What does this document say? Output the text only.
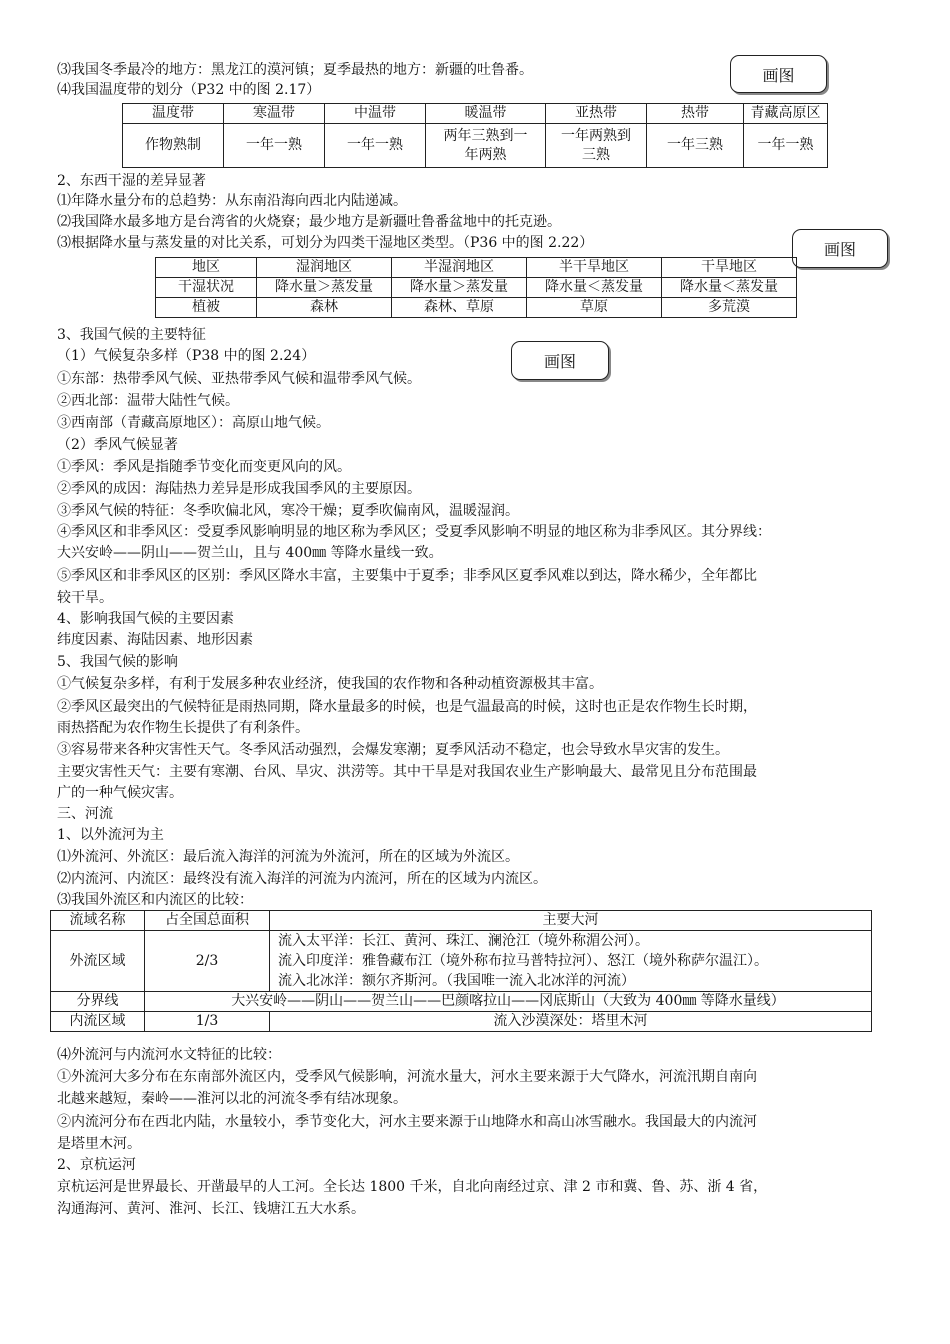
⑶我国冬季最冷的地方：黑龙江的漠河镇；夏季最热的地方：新疆的吐鲁番。	画图
⑷我国温度带的划分（P32 中的图 2.17）
温度带	寒温带	中温带	暖温带	亚热带	热带	青藏高原区
作物熟制	一年一熟	一年一熟	两年三熟到一年两熟	一年两熟到三熟	一年三熟	一年一熟
2、东西干湿的差异显著
⑴年降水量分布的总趋势：从东南沿海向西北内陆递减。
⑵我国降水最多地方是台湾省的火烧寮；最少地方是新疆吐鲁番盆地中的托克逊。
⑶根据降水量与蒸发量的对比关系，可划分为四类干湿地区类型。（P36 中的图 2.22）	画图
地区	湿润地区	半湿润地区	半干旱地区	干旱地区
干湿状况	降水量＞蒸发量	降水量＞蒸发量	降水量＜蒸发量	降水量＜蒸发量
植被	森林	森林、草原	草原	多荒漠
3、我国气候的主要特征
（1）气候复杂多样（P38 中的图 2.24）	画图
①东部：热带季风气候、亚热带季风气候和温带季风气候。
②西北部：温带大陆性气候。
③西南部（青藏高原地区）：高原山地气候。
（2）季风气候显著
①季风：季风是指随季节变化而变更风向的风。
②季风的成因：海陆热力差异是形成我国季风的主要原因。
③季风气候的特征：冬季吹偏北风，寒冷干燥；夏季吹偏南风，温暖湿润。
④季风区和非季风区：受夏季风影响明显的地区称为季风区；受夏季风影响不明显的地区称为非季风区。其分界线：
大兴安岭——阴山——贺兰山，且与 400㎜ 等降水量线一致。
⑤季风区和非季风区的区别：季风区降水丰富，主要集中于夏季；非季风区夏季风难以到达，降水稀少，全年都比
较干旱。
4、影响我国气候的主要因素
纬度因素、海陆因素、地形因素
5、我国气候的影响
①气候复杂多样，有利于发展多种农业经济，使我国的农作物和各种动植资源极其丰富。
②季风区最突出的气候特征是雨热同期，降水量最多的时候，也是气温最高的时候，这时也正是农作物生长时期，
雨热搭配为农作物生长提供了有利条件。
③容易带来各种灾害性天气。冬季风活动强烈，会爆发寒潮；夏季风活动不稳定，也会导致水旱灾害的发生。
主要灾害性天气：主要有寒潮、台风、旱灾、洪涝等。其中干旱是对我国农业生产影响最大、最常见且分布范围最
广的一种气候灾害。
三、河流
1、以外流河为主
⑴外流河、外流区：最后流入海洋的河流为外流河，所在的区域为外流区。
⑵内流河、内流区：最终没有流入海洋的河流为内流河，所在的区域为内流区。
⑶我国外流区和内流区的比较：
流域名称	占全国总面积	主要大河
外流区域	2/3	流入太平洋：长江、黄河、珠江、澜沧江（境外称湄公河）。
流入印度洋：雅鲁藏布江（境外称布拉马普特拉河）、怒江（境外称萨尔温江）。
流入北冰洋：额尔齐斯河。（我国唯一流入北冰洋的河流）

分界线	大兴安岭——阴山——贺兰山——巴颜喀拉山——冈底斯山（大致为 400㎜ 等降水量线）	
内流区域	1/3	流入沙漠深处：塔里木河
⑷外流河与内流河水文特征的比较：
①外流河大多分布在东南部外流区内，受季风气候影响，河流水量大，河水主要来源于大气降水，河流汛期自南向
北越来越短，秦岭——淮河以北的河流冬季有结冰现象。
②内流河分布在西北内陆，水量较小，季节变化大，河水主要来源于山地降水和高山冰雪融水。我国最大的内流河
是塔里木河。
2、京杭运河
京杭运河是世界最长、开凿最早的人工河。全长达 1800 千米，自北向南经过京、津 2 市和冀、鲁、苏、浙 4 省，
沟通海河、黄河、淮河、长江、钱塘江五大水系。
